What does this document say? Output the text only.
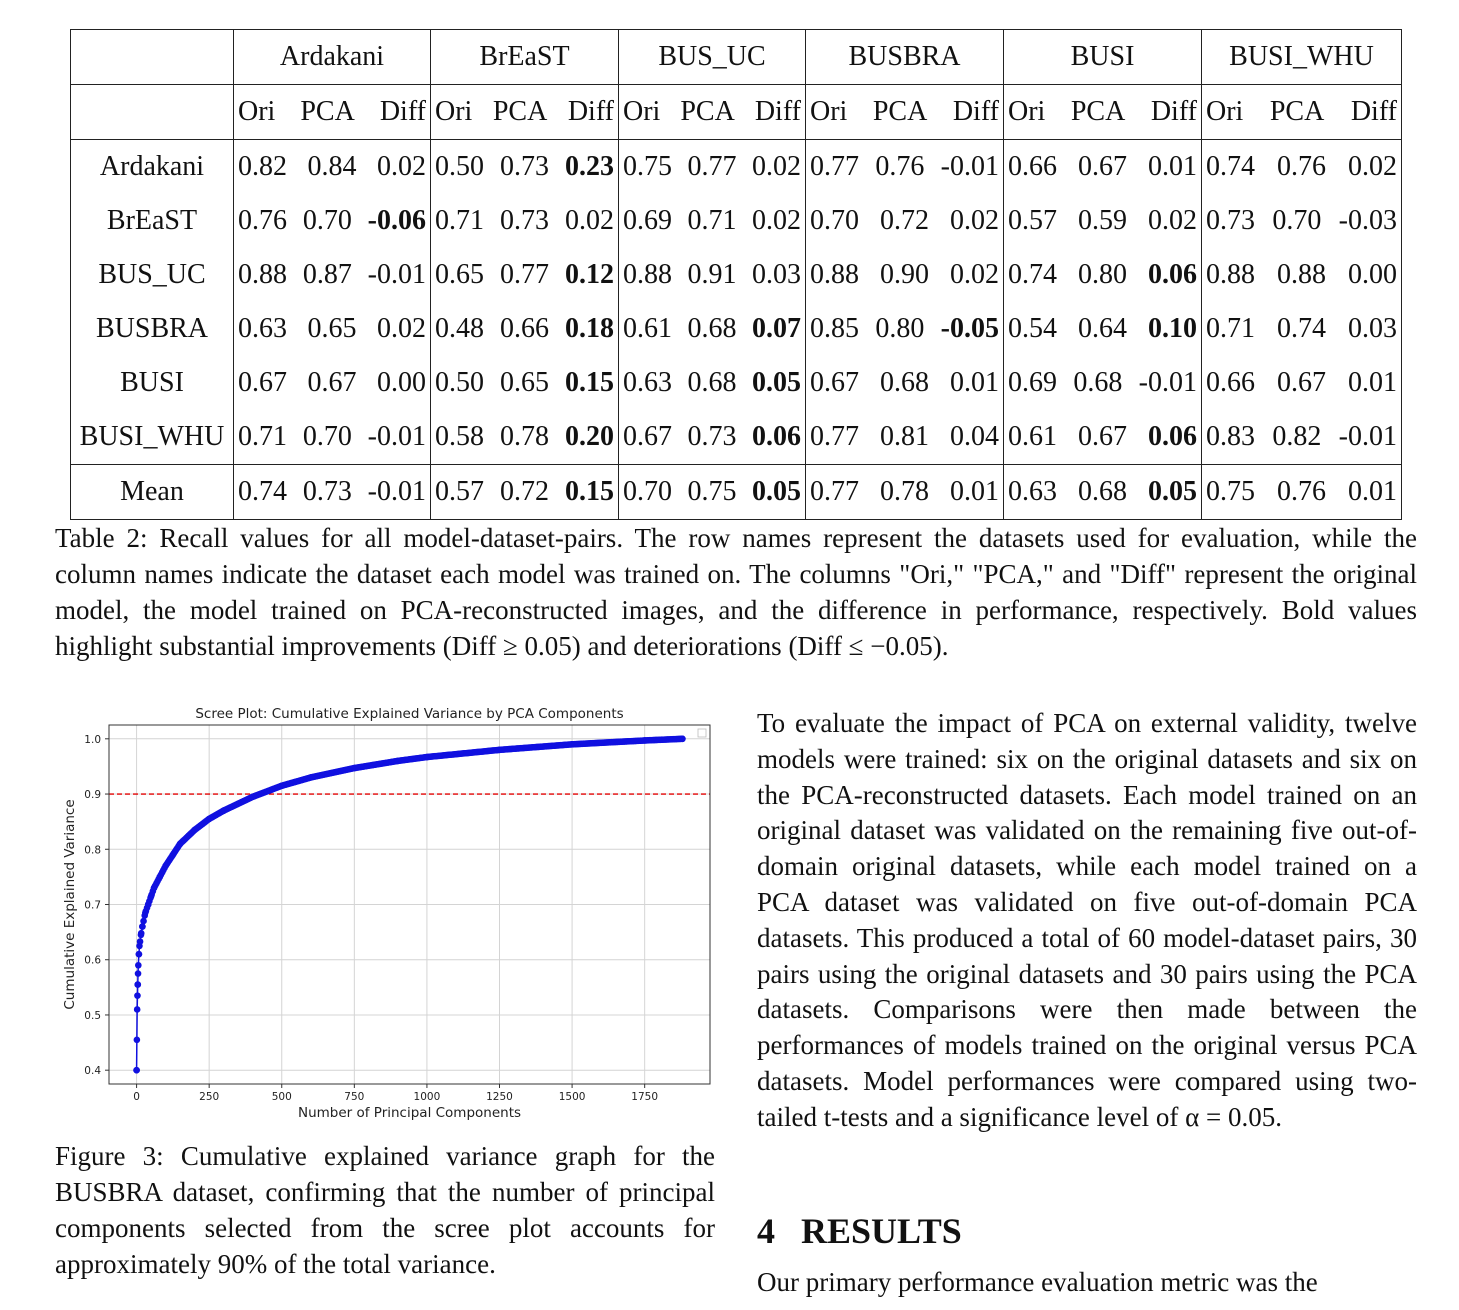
	Ardakani	BrEaST	BUS_UC	BUSBRA	BUSI	BUSI_WHU

	Ori PCA Diff	Ori PCA Diff	Ori PCA Diff	Ori PCA Diff	Ori PCA Diff	Ori PCA Diff

Ardakani	0.82 0.84 0.02	0.50 0.73 0.23	0.75 0.77 0.02	0.77 0.76 -0.01	0.66 0.67 0.01	0.74 0.76 0.02

BrEaST	0.76 0.70 -0.06	0.71 0.73 0.02	0.69 0.71 0.02	0.70 0.72 0.02	0.57 0.59 0.02	0.73 0.70 -0.03

BUS_UC	0.88 0.87 -0.01	0.65 0.77 0.12	0.88 0.91 0.03	0.88 0.90 0.02	0.74 0.80 0.06	0.88 0.88 0.00

BUSBRA	0.63 0.65 0.02	0.48 0.66 0.18	0.61 0.68 0.07	0.85 0.80 -0.05	0.54 0.64 0.10	0.71 0.74 0.03

BUSI	0.67 0.67 0.00	0.50 0.65 0.15	0.63 0.68 0.05	0.67 0.68 0.01	0.69 0.68 -0.01	0.66 0.67 0.01

BUSI_WHU	0.71 0.70 -0.01	0.58 0.78 0.20	0.67 0.73 0.06	0.77 0.81 0.04	0.61 0.67 0.06	0.83 0.82 -0.01

Mean	0.74 0.73 -0.01	0.57 0.72 0.15	0.70 0.75 0.05	0.77 0.78 0.01	0.63 0.68 0.05	0.75 0.76 0.01
Table 2: Recall values for all model-dataset-pairs. The row names represent the datasets used for evaluation, while the column names indicate the dataset each model was trained on. The columns "Ori," "PCA," and "Diff" represent the original model, the model trained on PCA-reconstructed images, and the difference in performance, respectively. Bold values highlight substantial improvements (Diff ≥ 0.05) and deteriorations (Diff ≤ −0.05).
0	250	500	750	1000	1250	1500	1750
0.4
0.5
0.6
0.7
0.8
0.9
1.0
Scree Plot: Cumulative Explained Variance by PCA Components
Number of Principal Components
Cumulative Explained Variance
Figure 3: Cumulative explained variance graph for the BUSBRA dataset, confirming that the number of principal components selected from the scree plot accounts for approximately 90% of the total variance.
To evaluate the impact of PCA on external validity, twelve models were trained: six on the original datasets and six on the PCA-reconstructed datasets. Each model trained on an original dataset was validated on the remaining five out-of-domain original datasets, while each model trained on a PCA dataset was validated on five out-of-domain PCA datasets. This produced a total of 60 model-dataset pairs, 30 pairs using the original datasets and 30 pairs using the PCA datasets. Comparisons were then made between the performances of models trained on the original versus PCA datasets. Model performances were compared using two-tailed t-tests and a significance level of α = 0.05.
4 RESULTS
Our primary performance evaluation metric was the
